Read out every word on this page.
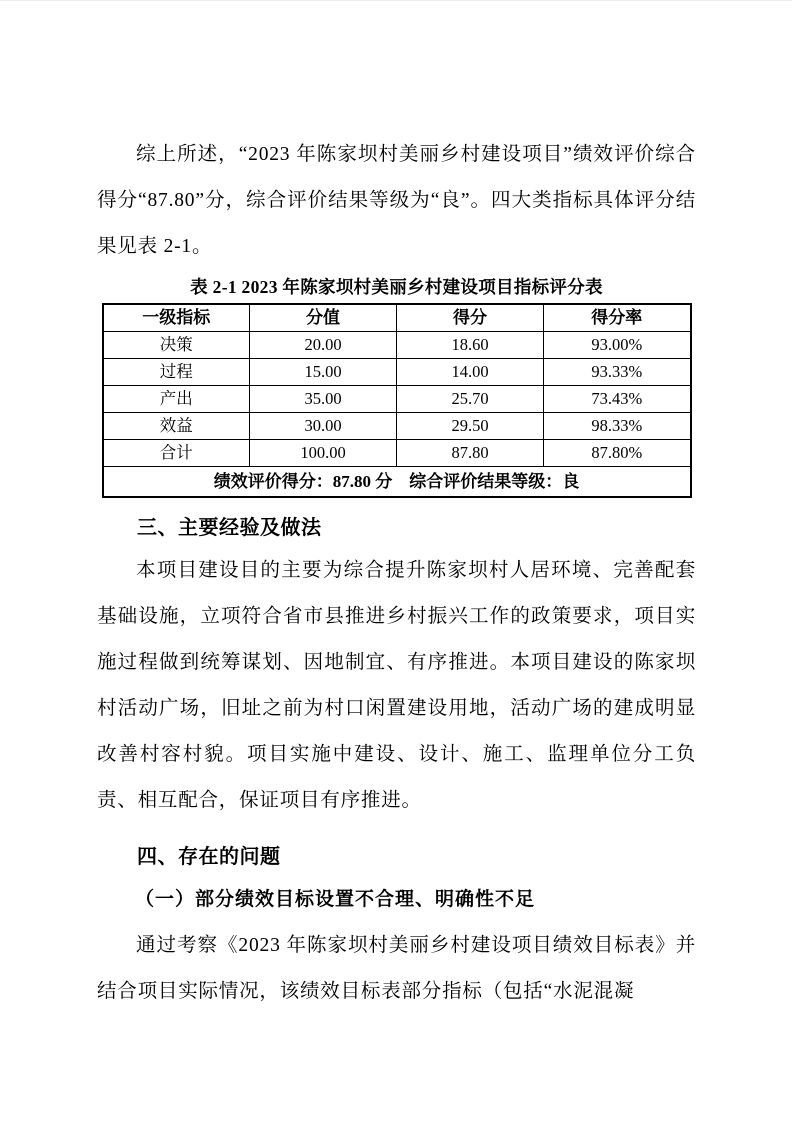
综上所述，“2023 年陈家坝村美丽乡村建设项目”绩效评价综合得分“87.80”分，综合评价结果等级为“良”。四大类指标具体评分结果见表 2-1。

表 2-1 2023 年陈家坝村美丽乡村建设项目指标评分表
一级指标	分值	得分	得分率
决策	20.00	18.60	93.00%
过程	15.00	14.00	93.33%
产出	35.00	25.70	73.43%
效益	30.00	29.50	98.33%
合计	100.00	87.80	87.80%
绩效评价得分：87.80 分　综合评价结果等级：良			
三、主要经验及做法

本项目建设目的主要为综合提升陈家坝村人居环境、完善配套基础设施，立项符合省市县推进乡村振兴工作的政策要求，项目实施过程做到统筹谋划、因地制宜、有序推进。本项目建设的陈家坝村活动广场，旧址之前为村口闲置建设用地，活动广场的建成明显改善村容村貌。项目实施中建设、设计、施工、监理单位分工负责、相互配合，保证项目有序推进。

四、存在的问题
（一）部分绩效目标设置不合理、明确性不足

通过考察《2023 年陈家坝村美丽乡村建设项目绩效目标表》并结合项目实际情况，该绩效目标表部分指标（包括“水泥混凝
